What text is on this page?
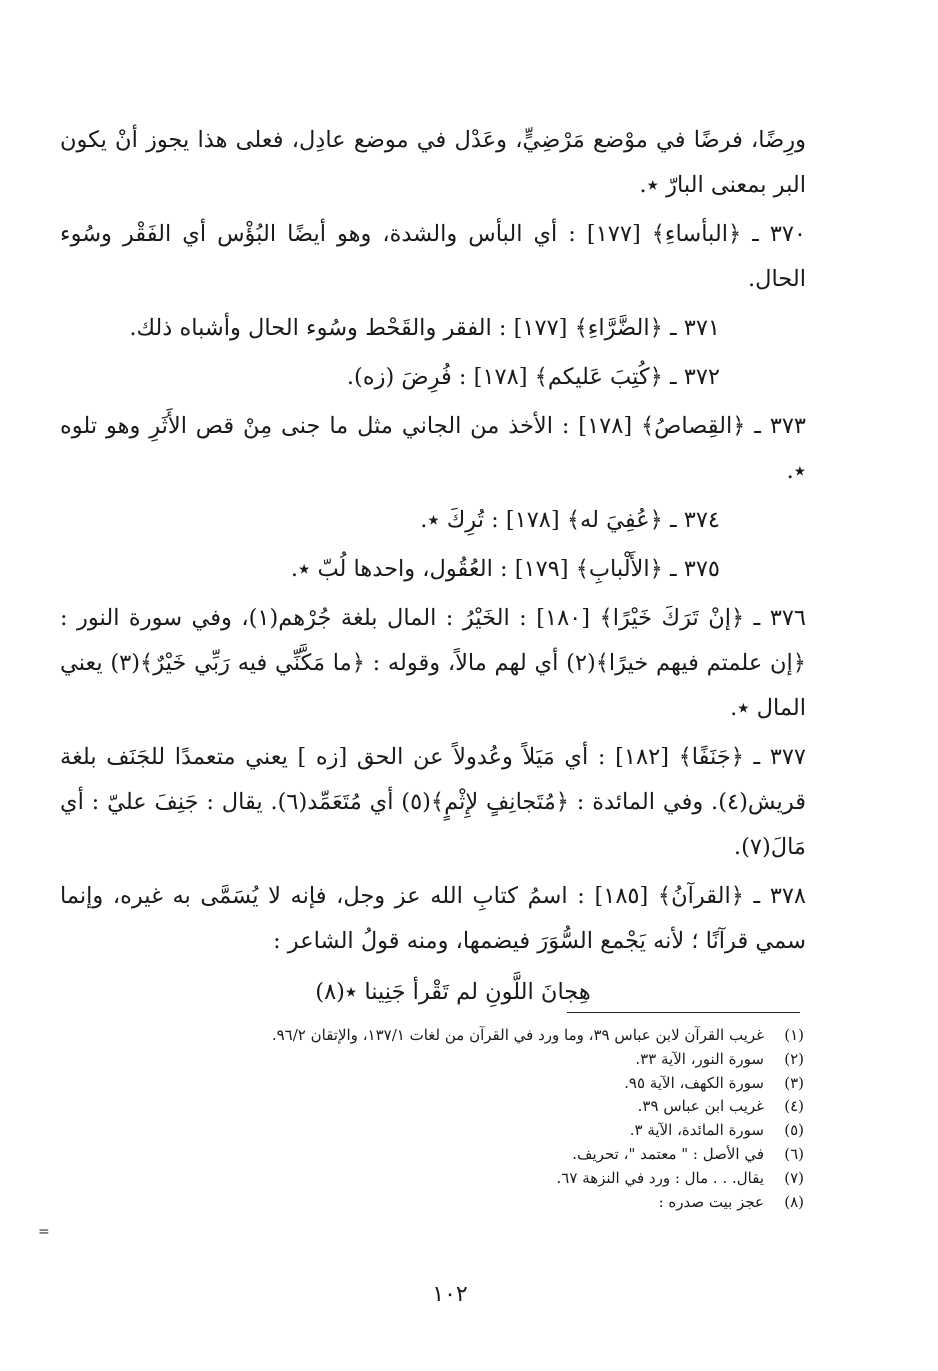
ورِضًا، فرضًا في موْضع مَرْضِيٍّ، وعَدْل في موضع عادِل، فعلى هذا يجوز أنْ يكون البر بمعنى البارّ ٭.

٣٧٠ ـ ﴿البأساءِ﴾ [١٧٧] : أي البأس والشدة، وهو أيضًا البُؤْس أي الفَقْر وسُوء الحال.

٣٧١ ـ ﴿الضَّرَّاءِ﴾ [١٧٧] : الفقر والقَحْط وسُوء الحال وأشباه ذلك.

٣٧٢ ـ ﴿كُتِبَ عَليكم﴾ [١٧٨] : فُرِضَ (زه).

٣٧٣ ـ ﴿القِصاصُ﴾ [١٧٨] : الأخذ من الجاني مثل ما جنى مِنْ قص الأَثَرِ وهو تلوه ٭.

٣٧٤ ـ ﴿عُفِيَ له﴾ [١٧٨] : تُرِكَ ٭.

٣٧٥ ـ ﴿الأَلْبابِ﴾ [١٧٩] : العُقُول، واحدها لُبّ ٭.

٣٧٦ ـ ﴿إنْ تَرَكَ خَيْرًا﴾ [١٨٠] : الخَيْرُ : المال بلغة جُرْهم(١)، وفي سورة النور : ﴿إن علمتم فيهم خيرًا﴾(٢) أي لهم مالاً، وقوله : ﴿ما مَكَّنِّي فيه رَبِّي خَيْرٌ﴾(٣) يعني المال ٭.

٣٧٧ ـ ﴿جَنَفًا﴾ [١٨٢] : أي مَيَلاً وعُدولاً عن الحق [زه ] يعني متعمدًا للجَنَف بلغة قريش(٤). وفي المائدة : ﴿مُتَجانِفٍ لإِثْمٍ﴾(٥) أي مُتَعَمِّد(٦). يقال : جَنِفَ عليّ : أي مَالَ(٧).

٣٧٨ ـ ﴿القرآنُ﴾ [١٨٥] : اسمُ كتابِ الله عز وجل، فإنه لا يُسَمَّى به غيره، وإنما سمي قرآنًا ؛ لأنه يَجْمع السُّوَرَ فيضمها، ومنه قولُ الشاعر :

هِجانَ اللَّونِ لم تَقْرأ جَنِينا ٭(٨)
(١)
غريب القرآن لابن عباس ٣٩، وما ورد في القرآن من لغات ١٣٧/١، والإتقان ٩٦/٢.
(٢)
سورة النور، الآية ٣٣.
(٣)
سورة الكهف، الآية ٩٥.
(٤)
غريب ابن عباس ٣٩.
(٥)
سورة المائدة، الآية ٣.
(٦)
في الأصل : " معتمد "، تحريف.
(٧)
يقال. . . مال : ورد في النزهة ٦٧.
(٨)
عجز بيت صدره :
=
١٠٢
